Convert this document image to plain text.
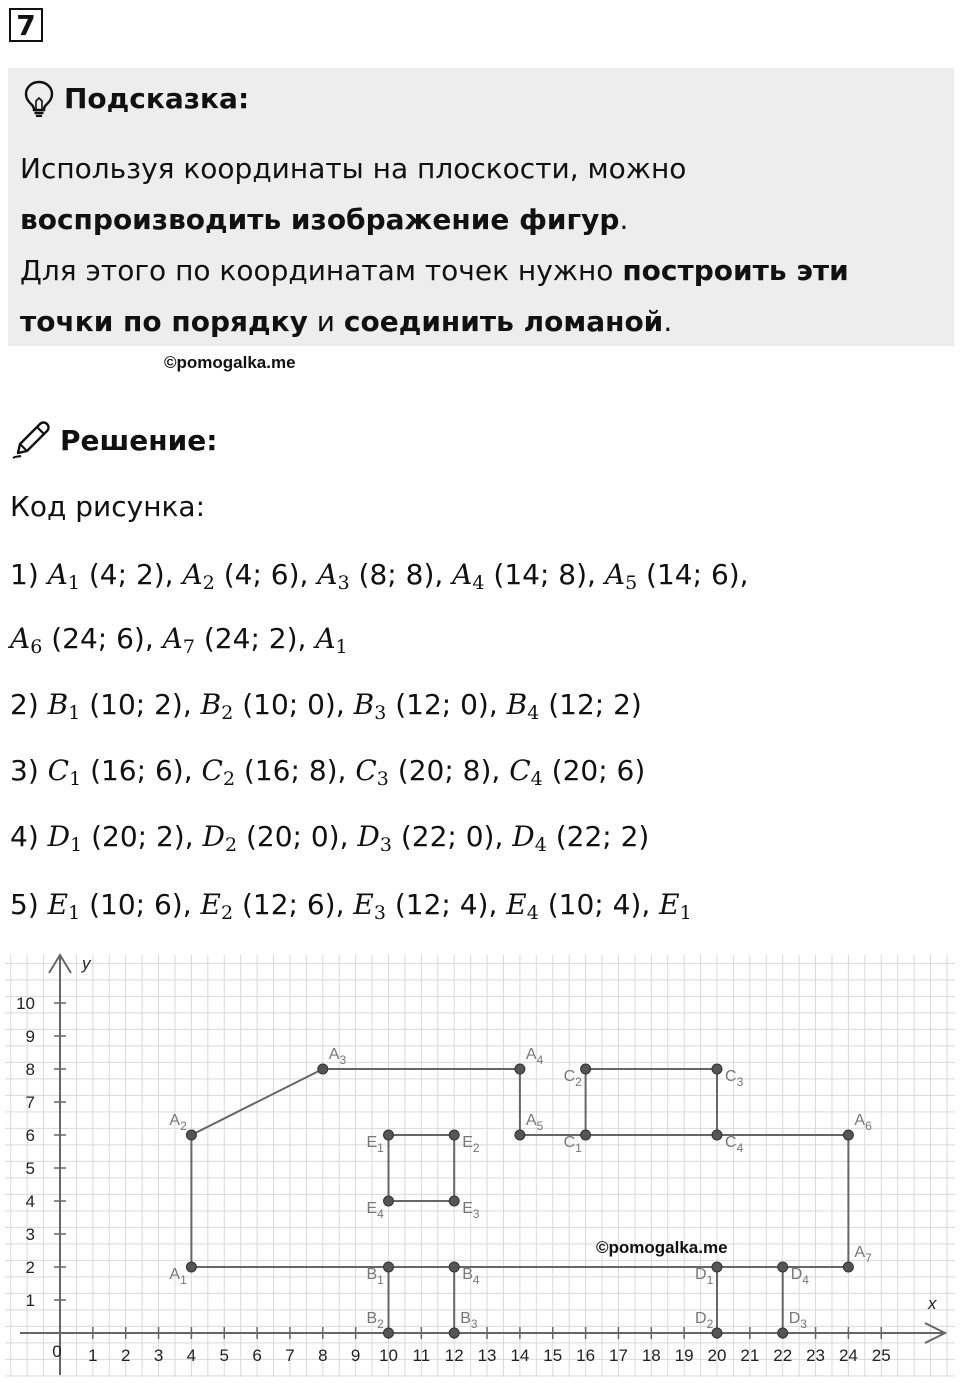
7
Подсказка:
Используя координаты на плоскости, можно
воспроизводить изображение фигур.
Для этого по координатам точек нужно построить эти точки по порядку и соединить ломаной.
©pomogalka.me
Решение:
Код рисунка:
1) $A_1$ (4; 2), $A_2$ (4; 6), $A_3$ (8; 8), $A_4$ (14; 8), $A_5$ (14; 6),
$A_6$ (24; 6), $A_7$ (24; 2), $A_1$
2) $B_1$ (10; 2), $B_2$ (10; 0), $B_3$ (12; 0), $B_4$ (12; 2)
3) $C_1$ (16; 6), $C_2$ (16; 8), $C_3$ (20; 8), $C_4$ (20; 6)
4) $D_1$ (20; 2), $D_2$ (20; 0), $D_3$ (22; 0), $D_4$ (22; 2)
5) $E_1$ (10; 6), $E_2$ (12; 6), $E_3$ (12; 4), $E_4$ (10; 4), $E_1$
1 2 3 4 5 6 7 8 9 10 11 12 13 14 15 16 17 18 19 20 21 22 23 24 25
1
2
3
4
5
6
7
8
9
10
0
x
y
$A_1$
$A_2$
$A_3$	$A_4$
$A_5$	$A_6$
$A_7$
$B_1$
$B_2$	$B_3$
$B_4$
$C_1$
$C_2$	$C_3$
$C_4$
$D_1$
$D_2$	$D_3$
$D_4$
$E_1$	$E_2$
$E_3$
$E_4$
©pomogalka.me
